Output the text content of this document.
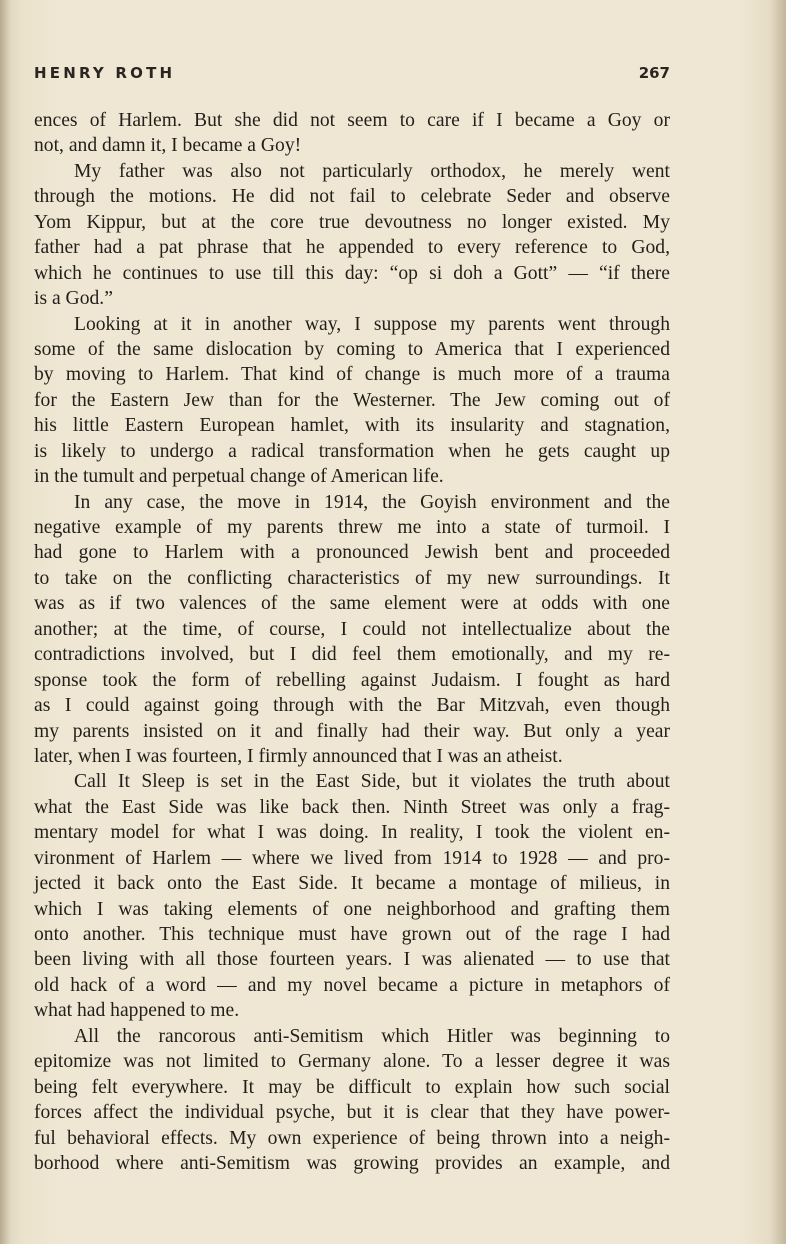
HENRY ROTH	267
ences of Harlem. But she did not seem to care if I became a Goy or
not, and damn it, I became a Goy!
My father was also not particularly orthodox, he merely went
through the motions. He did not fail to celebrate Seder and observe
Yom Kippur, but at the core true devoutness no longer existed. My
father had a pat phrase that he appended to every reference to God,
which he continues to use till this day: “op si doh a Gott” — “if there
is a God.”
Looking at it in another way, I suppose my parents went through
some of the same dislocation by coming to America that I experienced
by moving to Harlem. That kind of change is much more of a trauma
for the Eastern Jew than for the Westerner. The Jew coming out of
his little Eastern European hamlet, with its insularity and stagnation,
is likely to undergo a radical transformation when he gets caught up
in the tumult and perpetual change of American life.
In any case, the move in 1914, the Goyish environment and the
negative example of my parents threw me into a state of turmoil. I
had gone to Harlem with a pronounced Jewish bent and proceeded
to take on the conflicting characteristics of my new surroundings. It
was as if two valences of the same element were at odds with one
another; at the time, of course, I could not intellectualize about the
contradictions involved, but I did feel them emotionally, and my re-
sponse took the form of rebelling against Judaism. I fought as hard
as I could against going through with the Bar Mitzvah, even though
my parents insisted on it and finally had their way. But only a year
later, when I was fourteen, I firmly announced that I was an atheist.
Call It Sleep is set in the East Side, but it violates the truth about
what the East Side was like back then. Ninth Street was only a frag-
mentary model for what I was doing. In reality, I took the violent en-
vironment of Harlem — where we lived from 1914 to 1928 — and pro-
jected it back onto the East Side. It became a montage of milieus, in
which I was taking elements of one neighborhood and grafting them
onto another. This technique must have grown out of the rage I had
been living with all those fourteen years. I was alienated — to use that
old hack of a word — and my novel became a picture in metaphors of
what had happened to me.
All the rancorous anti-Semitism which Hitler was beginning to
epitomize was not limited to Germany alone. To a lesser degree it was
being felt everywhere. It may be difficult to explain how such social
forces affect the individual psyche, but it is clear that they have power-
ful behavioral effects. My own experience of being thrown into a neigh-
borhood where anti-Semitism was growing provides an example, and
